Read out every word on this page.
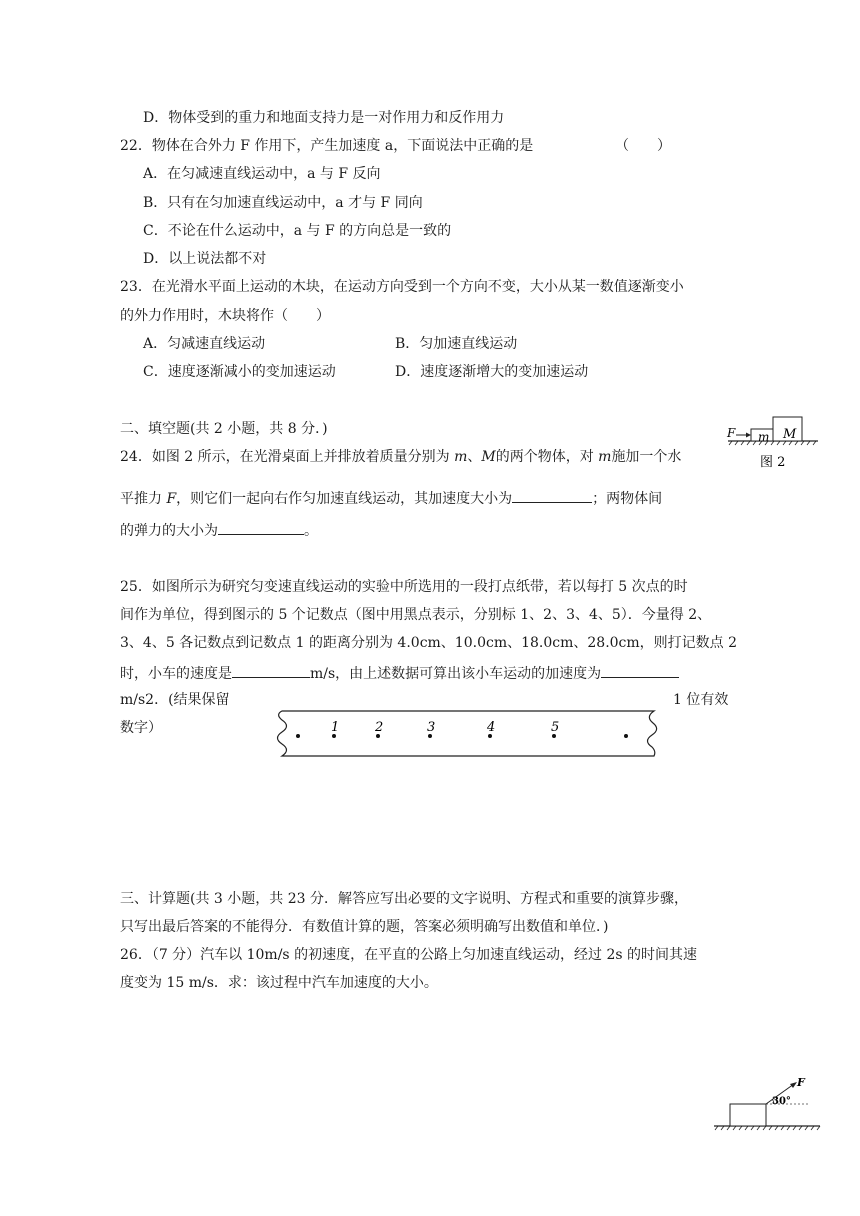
D．物体受到的重力和地面支持力是一对作用力和反作用力
22．物体在合外力 F 作用下，产生加速度 a，下面说法中正确的是	（　　）
A．在匀减速直线运动中，a 与 F 反向
B．只有在匀加速直线运动中，a 才与 F 同向
C．不论在什么运动中，a 与 F 的方向总是一致的
D．以上说法都不对
23．在光滑水平面上运动的木块，在运动方向受到一个方向不变，大小从某一数值逐渐变小
的外力作用时，木块将作（　　）
A．匀减速直线运动	B．匀加速直线运动
C．速度逐渐减小的变加速运动	D．速度逐渐增大的变加速运动
二、填空题(共 2 小题，共 8 分．)	F m M
图 2
24．如图 2 所示，在光滑桌面上并排放着质量分别为 m、M的两个物体，对 m施加一个水
平推力 F，则它们一起向右作匀加速直线运动，其加速度大小为	；两物体间
的弹力的大小为	。
25．如图所示为研究匀变速直线运动的实验中所选用的一段打点纸带，若以每打 5 次点的时
间作为单位，得到图示的 5 个记数点（图中用黑点表示，分别标 1、2、3、4、5）．今量得 2、
3、4、5 各记数点到记数点 1 的距离分别为 4.0cm、10.0cm、18.0cm、28.0cm，则打记数点 2
时，小车的速度是	m/s，由上述数据可算出该小车运动的加速度为
m/s2．(结果保留	1 位有效
数字）	1	2	3	4	5
三、计算题(共 3 小题，共 23 分．解答应写出必要的文字说明、方程式和重要的演算步骤，
只写出最后答案的不能得分．有数值计算的题，答案必须明确写出数值和单位．)
26．（7 分）汽车以 10m/s 的初速度，在平直的公路上匀加速直线运动，经过 2s 的时间其速
度变为 15 m/s．求：该过程中汽车加速度的大小。
F
30°
